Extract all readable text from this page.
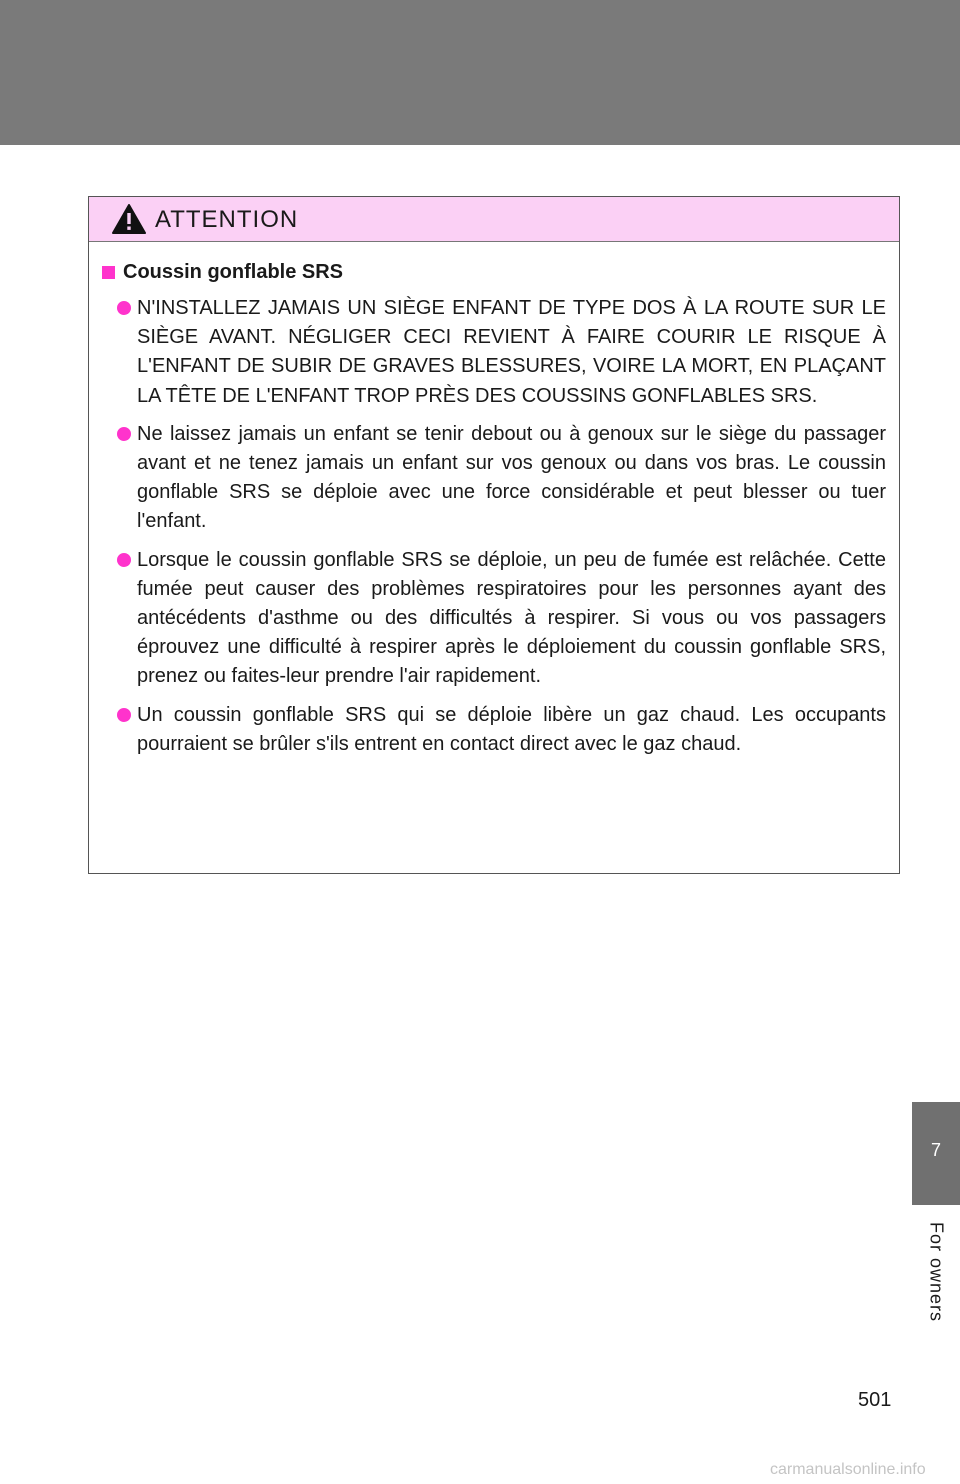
ATTENTION
Coussin gonflable SRS
N'INSTALLEZ JAMAIS UN SIÈGE ENFANT DE TYPE DOS À LA ROUTE SUR LE SIÈGE AVANT. NÉGLIGER CECI REVIENT À FAIRE COURIR LE RISQUE À L'ENFANT DE SUBIR DE GRAVES BLESSURES, VOIRE LA MORT, EN PLAÇANT LA TÊTE DE L'ENFANT TROP PRÈS DES COUSSINS GONFLABLES SRS.
Ne laissez jamais un enfant se tenir debout ou à genoux sur le siège du passager avant et ne tenez jamais un enfant sur vos genoux ou dans vos bras. Le coussin gonflable SRS se déploie avec une force considérable et peut blesser ou tuer l'enfant.
Lorsque le coussin gonflable SRS se déploie, un peu de fumée est relâchée. Cette fumée peut causer des problèmes respiratoires pour les personnes ayant des antécédents d'asthme ou des difficultés à respirer. Si vous ou vos passagers éprouvez une difficulté à respirer après le déploiement du coussin gonflable SRS, prenez ou faites-leur prendre l'air rapidement.
Un coussin gonflable SRS qui se déploie libère un gaz chaud. Les occupants pourraient se brûler s'ils entrent en contact direct avec le gaz chaud.
7
For owners
501
carmanualsonline.info
